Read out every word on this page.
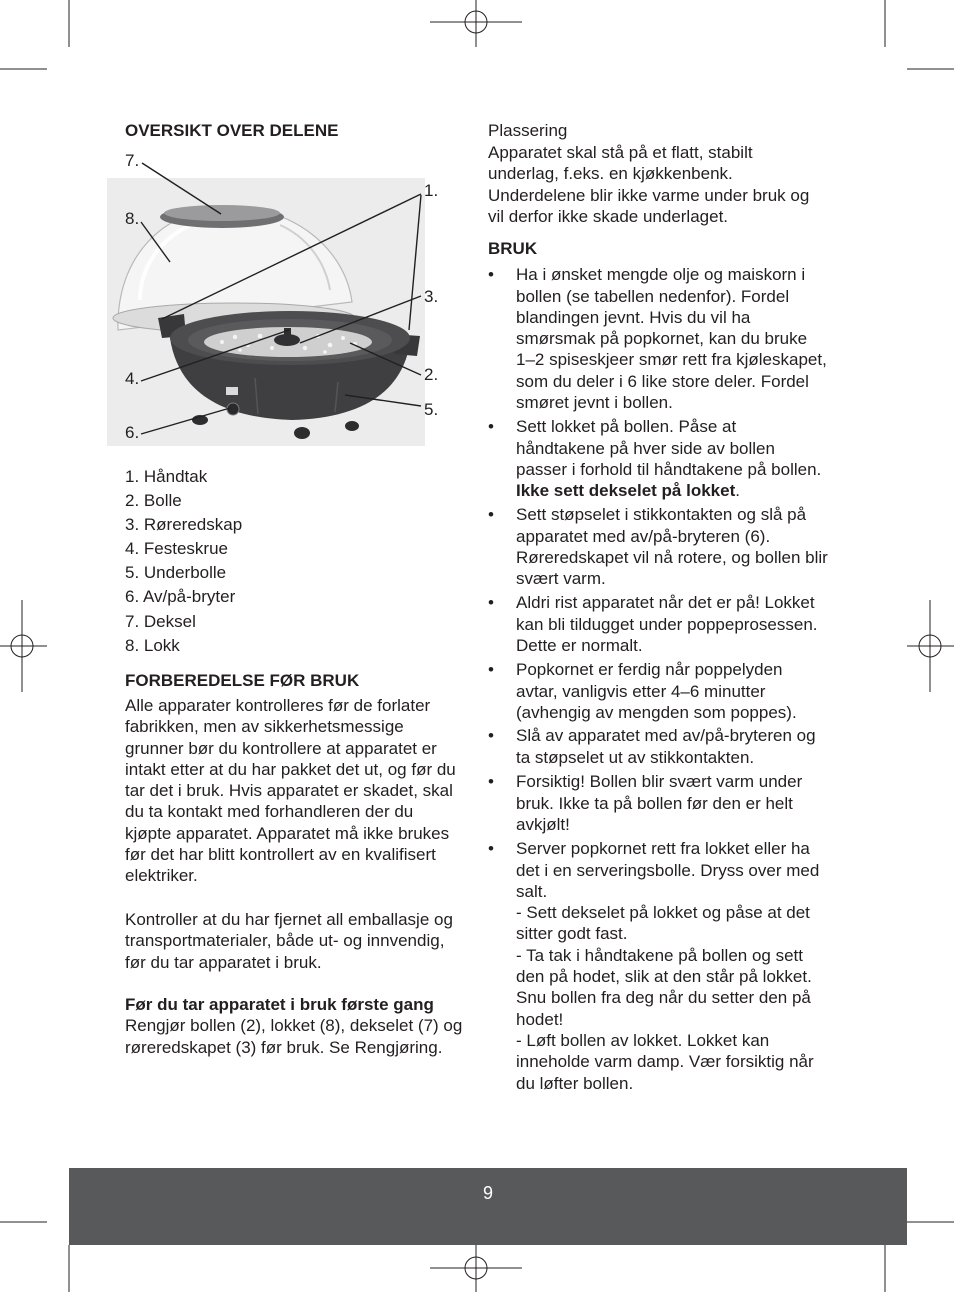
OVERSIKT OVER DELENE
7.
8.
1.
3.
4.	2.
5.
6.
1. Håndtak
2. Bolle
3. Røreredskap
4. Festeskrue
5. Underbolle
6. Av/på-bryter
7. Deksel
8. Lokk
FORBEREDELSE FØR BRUK
Alle apparater kontrolleres før de forlater
fabrikken, men av sikkerhetsmessige
grunner bør du kontrollere at apparatet er
intakt etter at du har pakket det ut, og før du
tar det i bruk. Hvis apparatet er skadet, skal
du ta kontakt med forhandleren der du
kjøpte apparatet. Apparatet må ikke brukes
før det har blitt kontrollert av en kvalifisert
elektriker.
Kontroller at du har fjernet all emballasje og
transportmaterialer, både ut- og innvendig,
før du tar apparatet i bruk.
Før du tar apparatet i bruk første gang
Rengjør bollen (2), lokket (8), dekselet (7) og
røreredskapet (3) før bruk. Se Rengjøring.
Plassering
Apparatet skal stå på et flatt, stabilt
underlag, f.eks. en kjøkkenbenk.
Underdelene blir ikke varme under bruk og
vil derfor ikke skade underlaget.
BRUK
• Ha i ønsket mengde olje og maiskorn i
bollen (se tabellen nedenfor). Fordel
blandingen jevnt. Hvis du vil ha
smørsmak på popkornet, kan du bruke
1–2 spiseskjeer smør rett fra kjøleskapet,
som du deler i 6 like store deler. Fordel
smøret jevnt i bollen.
• Sett lokket på bollen. Påse at
håndtakene på hver side av bollen
passer i forhold til håndtakene på bollen.
Ikke sett dekselet på lokket.
• Sett støpselet i stikkontakten og slå på
apparatet med av/på-bryteren (6).
Røreredskapet vil nå rotere, og bollen blir
svært varm.
• Aldri rist apparatet når det er på! Lokket
kan bli tildugget under poppeprosessen.
Dette er normalt.
• Popkornet er ferdig når poppelyden
avtar, vanligvis etter 4–6 minutter
(avhengig av mengden som poppes).
• Slå av apparatet med av/på-bryteren og
ta støpselet ut av stikkontakten.
• Forsiktig! Bollen blir svært varm under
bruk. Ikke ta på bollen før den er helt
avkjølt!
• Server popkornet rett fra lokket eller ha
det i en serveringsbolle. Dryss over med
salt.
- Sett dekselet på lokket og påse at det
sitter godt fast.
- Ta tak i håndtakene på bollen og sett
den på hodet, slik at den står på lokket.
Snu bollen fra deg når du setter den på
hodet!
- Løft bollen av lokket. Lokket kan
inneholde varm damp. Vær forsiktig når
du løfter bollen.
9
